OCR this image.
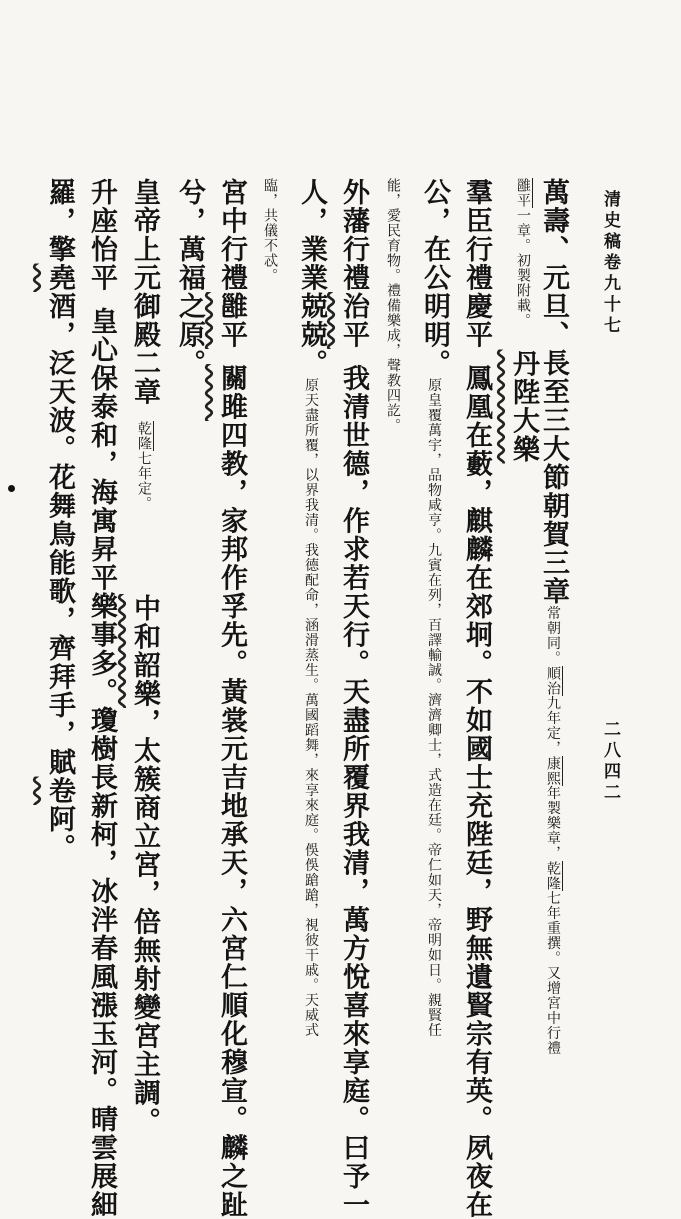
清史稿卷九十七
二八四二
萬壽、元旦、長至三大節朝賀三章常朝同。順治九年定，康熙年製樂章，乾隆七年重撰。又增宮中行禮
雝平一章。初製附載。　丹陛大樂
羣臣行禮慶平　鳳凰在藪，麒麟在郊坰。不如國士充陛廷，野無遺賢宗有英。夙夜在
公，在公明明。原皇覆萬宇，品物咸亨。九賓在列，百譯輸誠。濟濟卿士，式造在廷。帝仁如天，帝明如日。親賢任
能，愛民育物。禮備樂成，聲教四訖。
外藩行禮治平　我清世德，作求若天行。天盡所覆界我清，萬方悅喜來享庭。曰予一
人，業業兢兢。原天盡所覆，以界我清。我德配命，涵滑蒸生。萬國蹈舞，來享來庭。俁俁蹌蹌，視彼干戚。天威式
臨，共儀不忒。
宮中行禮雝平　關雎四教，家邦作孚先。黃裳元吉地承天，六宮仁順化穆宣。麟之趾
兮，萬福之原。
皇帝上元御殿二章　乾隆七年定。　　　　　　中和韶樂，太簇商立宮，倍無射變宮主調。
升座怡平　皇心保泰和，海寓昇平樂事多。瓊樹長新柯，冰泮春風漲玉河。晴雲展細
羅，擎堯酒，泛天波。花舞鳥能歌，齊拜手，賦卷阿。
